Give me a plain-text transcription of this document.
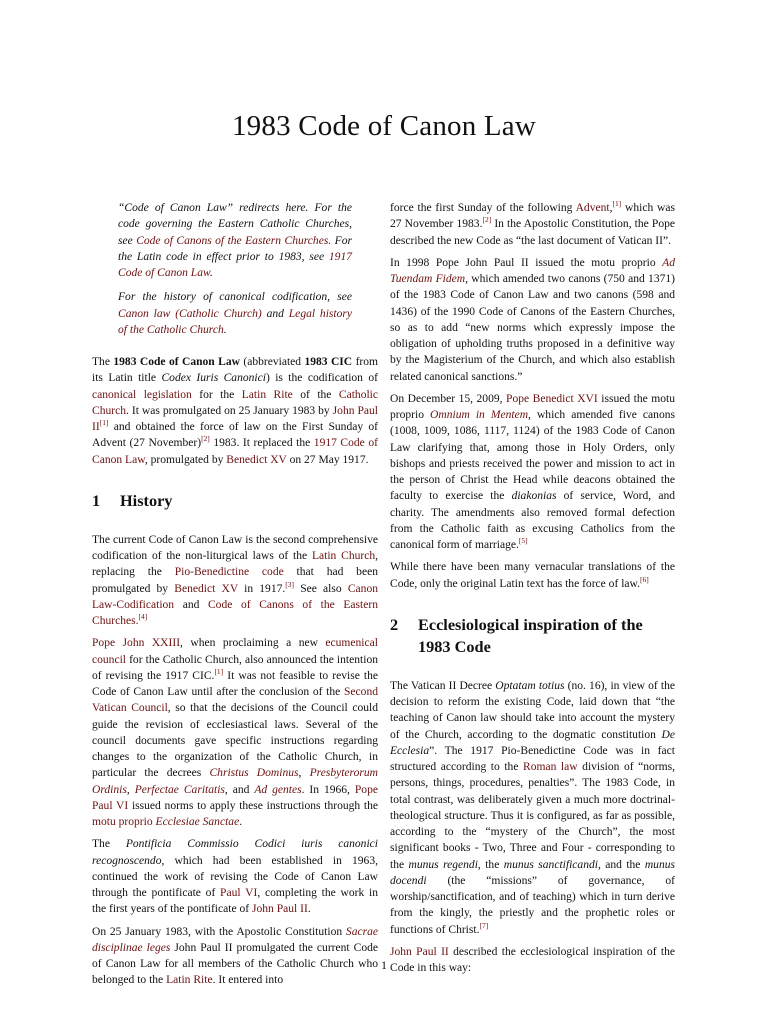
1983 Code of Canon Law

“Code of Canon Law” redirects here. For the code governing the Eastern Catholic Churches, see Code of Canons of the Eastern Churches. For the Latin code in effect prior to 1983, see 1917 Code of Canon Law.

For the history of canonical codification, see Canon law (Catholic Church) and Legal history of the Catholic Church.

The 1983 Code of Canon Law (abbreviated 1983 CIC from its Latin title Codex Iuris Canonici) is the codification of canonical legislation for the Latin Rite of the Catholic Church. It was promulgated on 25 January 1983 by John Paul II[1] and obtained the force of law on the First Sunday of Advent (27 November)[2] 1983. It replaced the 1917 Code of Canon Law, promulgated by Benedict XV on 27 May 1917.

1	History

The current Code of Canon Law is the second comprehensive codification of the non-liturgical laws of the Latin Church, replacing the Pio-Benedictine code that had been promulgated by Benedict XV in 1917.[3] See also Canon Law-Codification and Code of Canons of the Eastern Churches.[4]

Pope John XXIII, when proclaiming a new ecumenical council for the Catholic Church, also announced the intention of revising the 1917 CIC.[1] It was not feasible to revise the Code of Canon Law until after the conclusion of the Second Vatican Council, so that the decisions of the Council could guide the revision of ecclesiastical laws. Several of the council documents gave specific instructions regarding changes to the organization of the Catholic Church, in particular the decrees Christus Dominus, Presbyterorum Ordinis, Perfectae Caritatis, and Ad gentes. In 1966, Pope Paul VI issued norms to apply these instructions through the motu proprio Ecclesiae Sanctae.

The Pontificia Commissio Codici iuris canonici recognoscendo, which had been established in 1963, continued the work of revising the Code of Canon Law through the pontificate of Paul VI, completing the work in the first years of the pontificate of John Paul II.

On 25 January 1983, with the Apostolic Constitution Sacrae disciplinae leges John Paul II promulgated the current Code of Canon Law for all members of the Catholic Church who belonged to the Latin Rite. It entered into

force the first Sunday of the following Advent,[1] which was 27 November 1983.[2] In the Apostolic Constitution, the Pope described the new Code as “the last document of Vatican II”.

In 1998 Pope John Paul II issued the motu proprio Ad Tuendam Fidem, which amended two canons (750 and 1371) of the 1983 Code of Canon Law and two canons (598 and 1436) of the 1990 Code of Canons of the Eastern Churches, so as to add “new norms which expressly impose the obligation of upholding truths proposed in a definitive way by the Magisterium of the Church, and which also establish related canonical sanctions.”

On December 15, 2009, Pope Benedict XVI issued the motu proprio Omnium in Mentem, which amended five canons (1008, 1009, 1086, 1117, 1124) of the 1983 Code of Canon Law clarifying that, among those in Holy Orders, only bishops and priests received the power and mission to act in the person of Christ the Head while deacons obtained the faculty to exercise the diakonias of service, Word, and charity. The amendments also removed formal defection from the Catholic faith as excusing Catholics from the canonical form of marriage.[5]

While there have been many vernacular translations of the Code, only the original Latin text has the force of law.[6]

2	Ecclesiological inspiration of the 1983 Code

The Vatican II Decree Optatam totius (no. 16), in view of the decision to reform the existing Code, laid down that “the teaching of Canon law should take into account the mystery of the Church, according to the dogmatic constitution De Ecclesia”. The 1917 Pio-Benedictine Code was in fact structured according to the Roman law division of “norms, persons, things, procedures, penalties”. The 1983 Code, in total contrast, was deliberately given a much more doctrinal-theological structure. Thus it is configured, as far as possible, according to the “mystery of the Church”, the most significant books - Two, Three and Four - corresponding to the munus regendi, the munus sanctificandi, and the munus docendi (the “missions” of governance, of worship/sanctification, and of teaching) which in turn derive from the kingly, the priestly and the prophetic roles or functions of Christ.[7]

John Paul II described the ecclesiological inspiration of the Code in this way:

1
